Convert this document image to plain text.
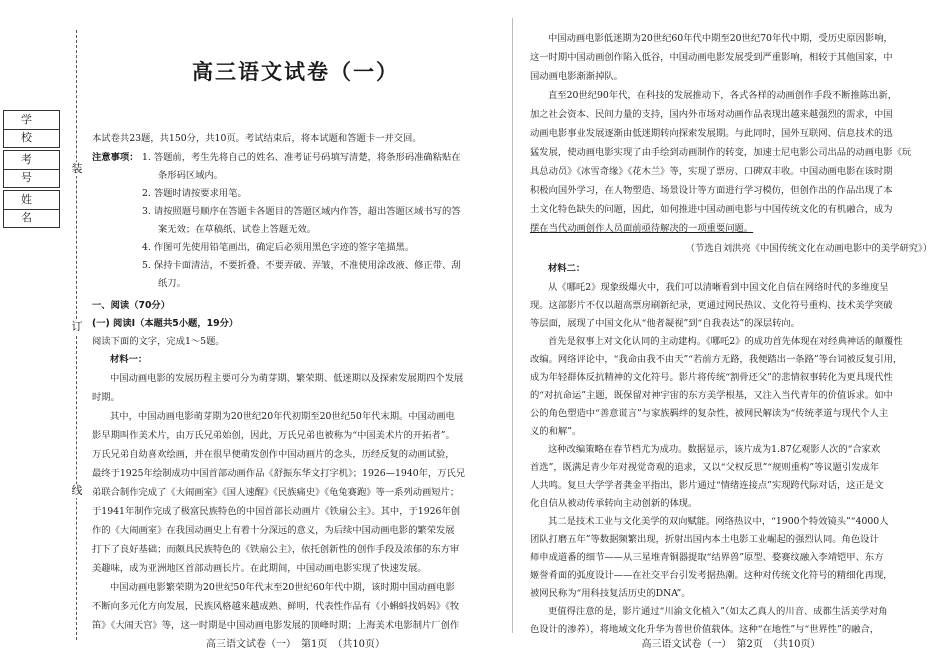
学 校
考 号
姓 名
装
订
线
高三语文试卷（一）
本试卷共23题，共150分，共10页。考试结束后，将本试题和答题卡一并交回。
注意事项： 1. 答题前，考生先将自己的姓名、准考证号码填写清楚，将条形码准确粘贴在
条形码区域内。
2. 答题时请按要求用笔。
3. 请按照题号顺序在答题卡各题目的答题区域内作答，超出答题区域书写的答
案无效；在草稿纸、试卷上答题无效。
4. 作图可先使用铅笔画出，确定后必须用黑色字迹的签字笔描黑。
5. 保持卡面清洁，不要折叠、不要弄破、弄皱，不准使用涂改液、修正带、刮
纸刀。
一、阅读（70分）
(一) 阅读Ⅰ（本题共5小题，19分）
阅读下面的文字，完成1～5题。
材料一：
中国动画电影的发展历程主要可分为萌芽期、繁荣期、低迷期以及探索发展期四个发展
时期。
其中，中国动画电影萌芽期为20世纪20年代初期至20世纪50年代末期。中国动画电
影早期叫作美术片，由万氏兄弟始创，因此，万氏兄弟也被称为“中国美术片的开拓者”。
万氏兄弟自幼喜欢绘画，并在很早便萌发创作中国动画片的念头，历经反复的动画试验，
最终于1925年绘制成功中国首部动画作品《舒振东华文打字机》；1926—1940年，万氏兄
弟联合制作完成了《大闹画室》《国人速醒》《民族痛史》《龟兔赛跑》等一系列动画短片；
于1941年制作完成了极富民族特色的中国首部长动画片《铁扇公主》。其中，于1926年创
作的《大闹画室》在我国动画史上有着十分深远的意义，为后续中国动画电影的繁荣发展
打下了良好基础；而颇具民族特色的《铁扇公主》，依托创新性的创作手段及浓郁的东方审
美趣味，成为亚洲地区首部动画长片。在此期间，中国动画电影实现了快速发展。
中国动画电影繁荣期为20世纪50年代末至20世纪60年代中期，该时期中国动画电影
不断向多元化方向发展，民族风格越来越成熟、鲜明，代表性作品有《小蝌蚪找妈妈》《牧
笛》《大闹天宫》等，这一时期是中国动画电影发展的顶峰时期；上海美术电影制片厂创作
高三语文试卷（一）　第1页　（共10页）
中国动画电影低迷期为20世纪60年代中期至20世纪70年代中期，受历史原因影响，
这一时期中国动画创作陷入低谷，中国动画电影发展受到严重影响，相较于其他国家，中
国动画电影渐渐掉队。
直至20世纪90年代，在科技的发展推动下，各式各样的动画创作手段不断推陈出新，
加之社会资本、民间力量的支持，国内外市场对动画作品表现出越来越强烈的需求，中国
动画电影事业发展逐渐由低迷期转向探索发展期。与此同时，国外互联网、信息技术的迅
猛发展，使动画电影实现了由手绘到动画制作的转变，加速士尼电影公司出品的动画电影《玩
具总动员》《冰雪奇缘》《花木兰》等，实现了票房、口碑双丰收。中国动画电影在该时期
积极向国外学习，在人物塑造、场景设计等方面进行学习模仿，但创作出的作品出现了本
土文化特色缺失的问题，因此，如何推进中国动画电影与中国传统文化的有机融合，成为
摆在当代动画创作人员面前亟待解决的一项重要问题。
（节选自刘洪亮《中国传统文化在动画电影中的美学研究》）
材料二：
从《哪吒2》现象级爆火中，我们可以清晰看到中国文化自信在网络时代的多维度呈
现。这部影片不仅以超高票房刷新纪录，更通过网民热议、文化符号重构、技术美学突破
等层面，展现了中国文化从“他者凝视”到“自我表达”的深层转向。
首先是叙事上对文化认同的主动建构。《哪吒2》的成功首先体现在对经典神话的颠覆性
改编。网络评论中，“我命由我不由天”“若前方无路，我便踏出一条路”等台词被反复引用，
成为年轻群体反抗精神的文化符号。影片将传统“割骨还父”的悲情叙事转化为更具现代性
的“对抗命运”主题，既保留对神宇宙的东方美学根基，又注入当代青年的价值诉求。如中
公的角色塑造中“善意谎言”与家族羁绊的复杂性，被网民解读为“传统孝道与现代个人主
义的和解”。
这种改编策略在春节档尤为成功。数据显示，该片成为1.87亿观影人次的“合家欢
首选”，既满足青少年对视觉奇观的追求，又以“父权反思”“规则重构”等议题引发成年
人共鸣。复旦大学学者龚金平指出，影片通过“情绪连接点”实现跨代际对话，这正是文
化自信从被动传承转向主动创新的体现。
其二是技术工业与文化美学的双向赋能。网络热议中，“1900个特效镜头”“4000人
团队打磨五年”等数据频繁出现，折射出国内本土电影工业崛起的强烈认同。角色设计
师申成道番的细节——从三星堆青铜器提取“结界兽”原型、婺赛纹融入李靖铠甲、东方
姬誉肴面的弧度设计——在社交平台引发考据热潮。这种对传统文化符号的精细化再现，
被网民称为“用科技复活历史的DNA”。
更值得注意的是，影片通过“川渝文化植入”（如太乙真人的川音、成都生活美学对角
色设计的渗养），将地域文化升华为普世价值载体。这种“在地性”与“世界性”的融合，
高三语文试卷（一）　第2页　（共10页）
